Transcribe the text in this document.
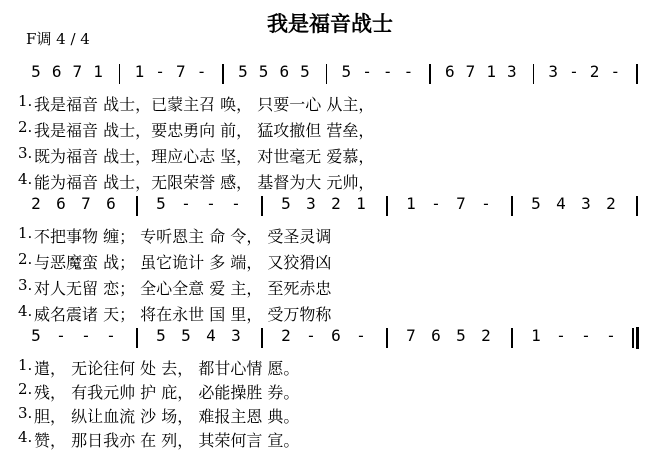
我是福音战士
F调 4 / 4
5 6 7 1 1 - 7 - 5 5 6 5 5 - - - 6 7 1 3 3 - 2 -
1. 我是福音 战士，已蒙主召 唤， 只要一心 从主，
2. 我是福音 战士，要忠勇向 前， 猛攻撤但 营垒，
3. 既为福音 战士，理应心志 坚， 对世毫无 爱慕，
4. 能为福音 战士，无限荣誉 感， 基督为大 元帅，
2 6 7 6	5 - - -	5 3 2 1	1 - 7 -	5 4 3 2
1. 不把事物 缠； 专听恩主 命 令， 受圣灵调
2. 与恶魔蛮 战； 虽它诡计 多 端， 又狡猾凶
3. 对人无留 恋； 全心全意 爱 主， 至死赤忠
4. 威名震诸 天； 将在永世 国 里， 受万物称
5 - - -	5 5 4 3	2 - 6 -	7 6 5 2	1 - - -
1. 遣， 无论往何 处 去， 都甘心情 愿。
2. 残， 有我元帅 护 庇， 必能操胜 券。
3. 胆， 纵让血流 沙 场， 难报主恩 典。
4. 赞， 那日我亦 在 列， 其荣何言 宣。
